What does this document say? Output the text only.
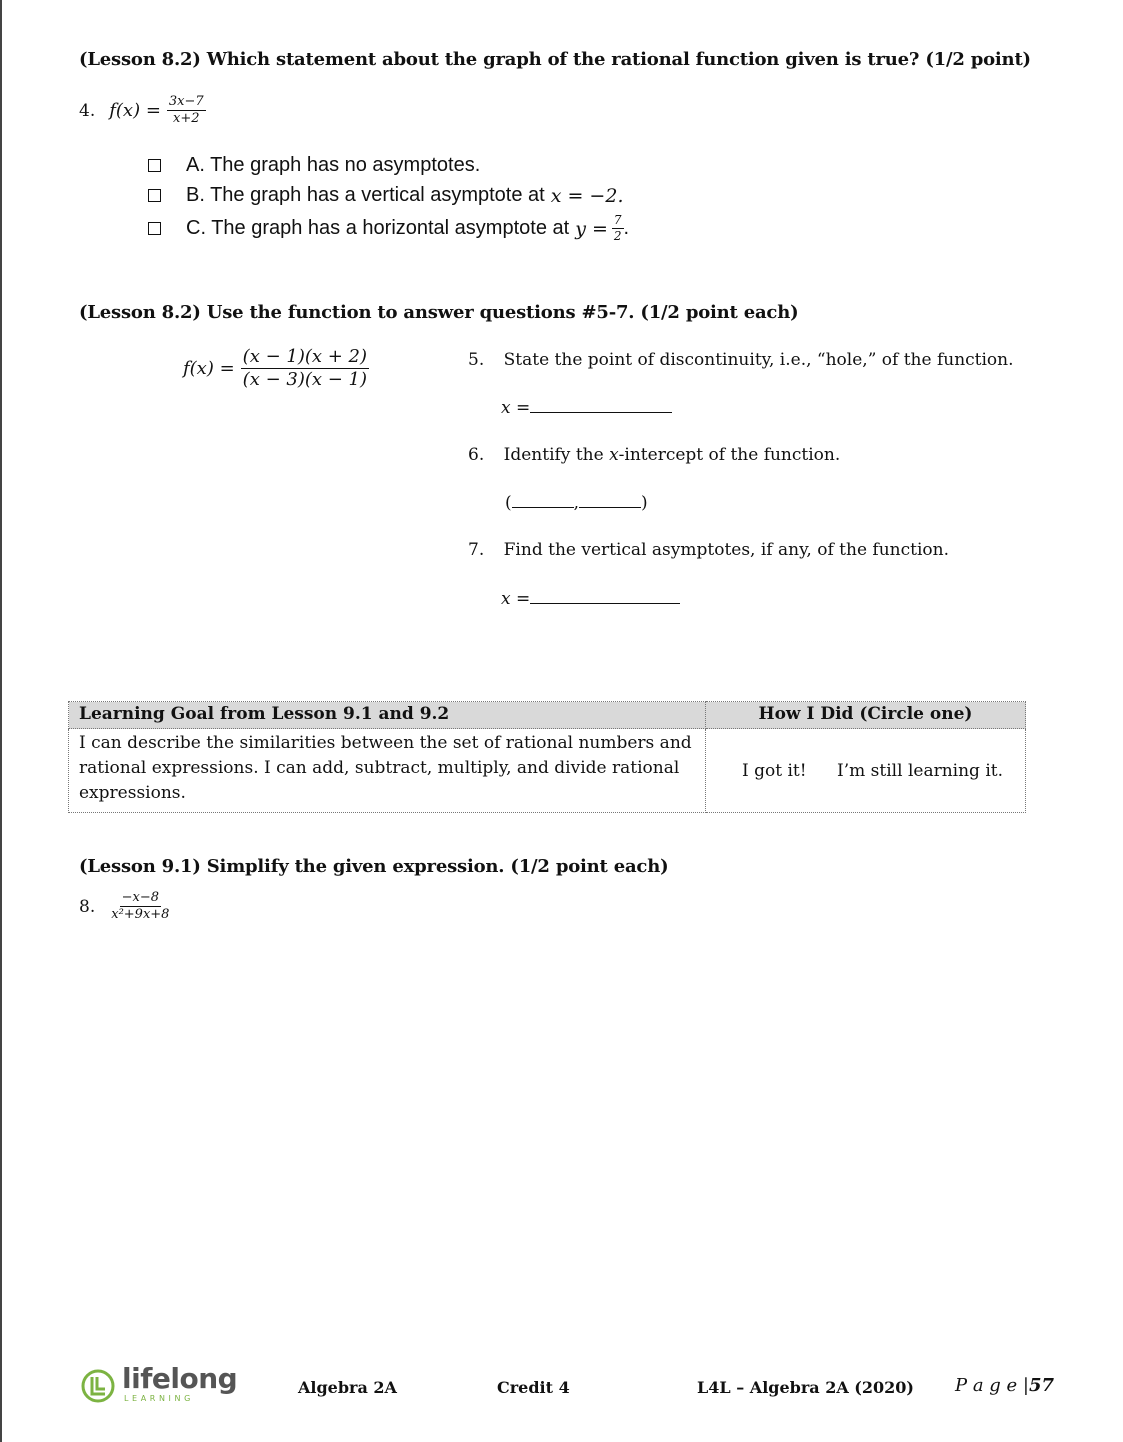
(Lesson 8.2) Which statement about the graph of the rational function given is true? (1/2 point)
4. $f(x) = \frac{3x-7}{x+2}$
A. The graph has no asymptotes.
B. The graph has a vertical asymptote at x = −2.
C. The graph has a horizontal asymptote at $y = \frac{7}{2}$ .
(Lesson 8.2) Use the function to answer questions #5-7. (1/2 point each)
$f(x) = \frac{(x - 1)(x + 2)}{(x - 3)(x - 1)}$	5. State the point of discontinuity, i.e., “hole,” of the function.
x =
6. Identify the x-intercept of the function.
(	,	)
7. Find the vertical asymptotes, if any, of the function.
x =
Learning Goal from Lesson 9.1 and 9.2	How I Did (Circle one)
I can describe the similarities between the set of rational numbers and rational expressions. I can add, subtract, multiply, and divide rational expressions.	I got it! I’m still learning it.
(Lesson 9.1) Simplify the given expression. (1/2 point each)
8. $\frac{-x-8}{\text{x²+9x+8}}$
lifelong
LEARNING
Algebra 2A	Credit 4	L4L – Algebra 2A (2020) P a g e |57
